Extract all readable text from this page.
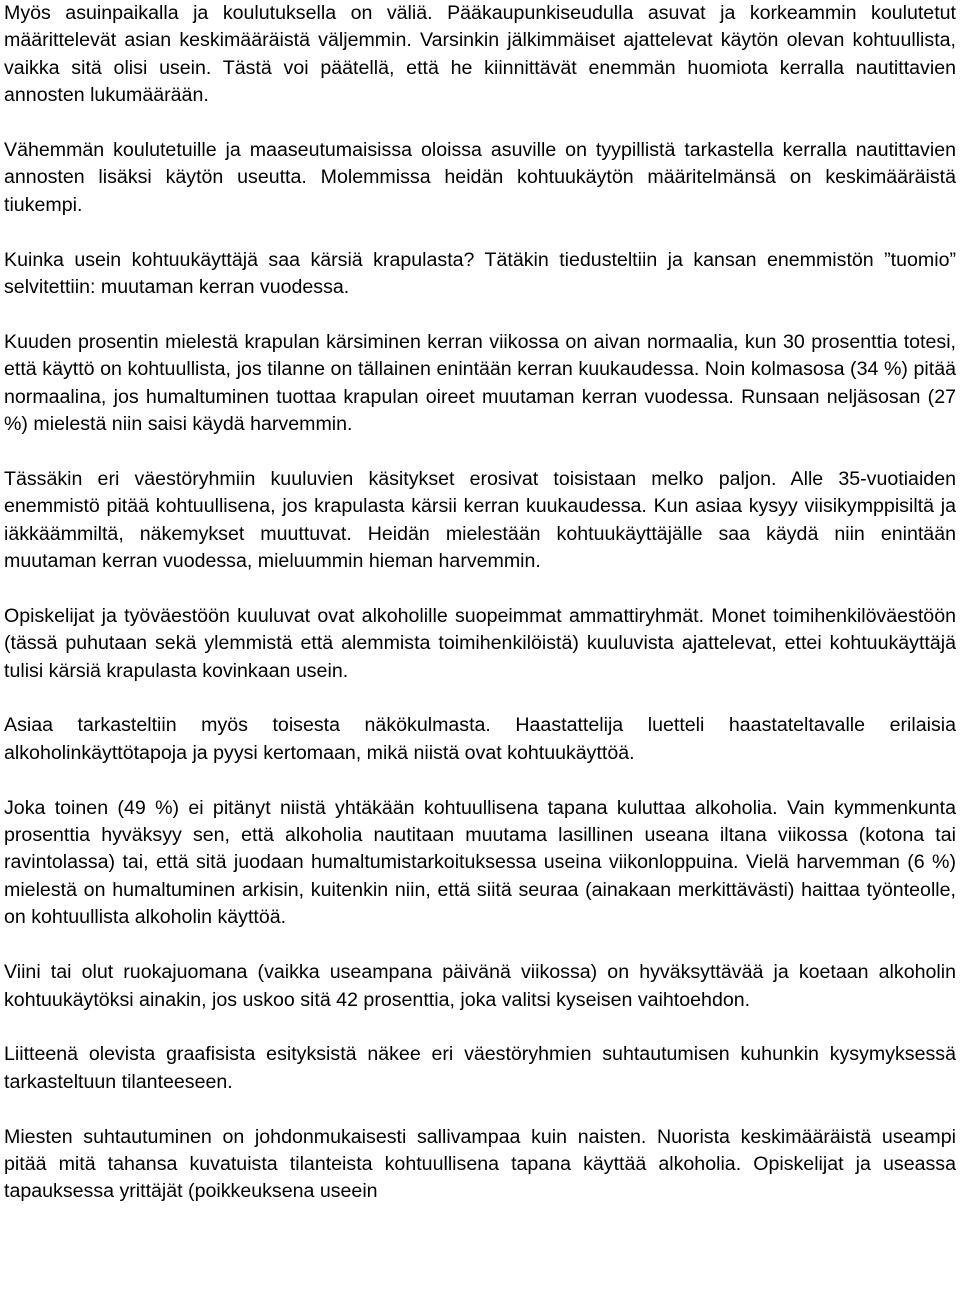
Myös asuinpaikalla ja koulutuksella on väliä. Pääkaupunkiseudulla asuvat ja korkeammin koulutetut määrittelevät asian keskimääräistä väljemmin. Varsinkin jälkimmäiset ajattelevat käytön olevan kohtuullista, vaikka sitä olisi usein. Tästä voi päätellä, että he kiinnittävät enemmän huomiota kerralla nautittavien annosten lukumäärään.

Vähemmän koulutetuille ja maaseutumaisissa oloissa asuville on tyypillistä tarkastella kerralla nautittavien annosten lisäksi käytön useutta. Molemmissa heidän kohtuukäytön määritelmänsä on keskimääräistä tiukempi.

Kuinka usein kohtuukäyttäjä saa kärsiä krapulasta? Tätäkin tiedusteltiin ja kansan enemmistön ”tuomio” selvitettiin: muutaman kerran vuodessa.

Kuuden prosentin mielestä krapulan kärsiminen kerran viikossa on aivan normaalia, kun 30 prosenttia totesi, että käyttö on kohtuullista, jos tilanne on tällainen enintään kerran kuukaudessa. Noin kolmasosa (34 %) pitää normaalina, jos humaltuminen tuottaa krapulan oireet muutaman kerran vuodessa. Runsaan neljäsosan (27 %) mielestä niin saisi käydä harvemmin.

Tässäkin eri väestöryhmiin kuuluvien käsitykset erosivat toisistaan melko paljon. Alle 35-vuotiaiden enemmistö pitää kohtuullisena, jos krapulasta kärsii kerran kuukaudessa. Kun asiaa kysyy viisikymppisiltä ja iäkkäämmiltä, näkemykset muuttuvat. Heidän mielestään kohtuukäyttäjälle saa käydä niin enintään muutaman kerran vuodessa, mieluummin hieman harvemmin.

Opiskelijat ja työväestöön kuuluvat ovat alkoholille suopeimmat ammattiryhmät. Monet toimihenkilöväestöön (tässä puhutaan sekä ylemmistä että alemmista toimihenkilöistä) kuuluvista ajattelevat, ettei kohtuukäyttäjä tulisi kärsiä krapulasta kovinkaan usein.

Asiaa tarkasteltiin myös toisesta näkökulmasta. Haastattelija luetteli haastateltavalle erilaisia alkoholinkäyttötapoja ja pyysi kertomaan, mikä niistä ovat kohtuukäyttöä.

Joka toinen (49 %) ei pitänyt niistä yhtäkään kohtuullisena tapana kuluttaa alkoholia. Vain kymmenkunta prosenttia hyväksyy sen, että alkoholia nautitaan muutama lasillinen useana iltana viikossa (kotona tai ravintolassa) tai, että sitä juodaan humaltumistarkoituksessa useina viikonloppuina. Vielä harvemman (6 %) mielestä on humaltuminen arkisin, kuitenkin niin, että siitä seuraa (ainakaan merkittävästi) haittaa työnteolle, on kohtuullista alkoholin käyttöä.

Viini tai olut ruokajuomana (vaikka useampana päivänä viikossa) on hyväksyttävää ja koetaan alkoholin kohtuukäytöksi ainakin, jos uskoo sitä 42 prosenttia, joka valitsi kyseisen vaihtoehdon.

Liitteenä olevista graafisista esityksistä näkee eri väestöryhmien suhtautumisen kuhunkin kysymyksessä tarkasteltuun tilanteeseen.

Miesten suhtautuminen on johdonmukaisesti sallivampaa kuin naisten. Nuorista keskimääräistä useampi pitää mitä tahansa kuvatuista tilanteista kohtuullisena tapana käyttää alkoholia. Opiskelijat ja useassa tapauksessa yrittäjät (poikkeuksena useein
